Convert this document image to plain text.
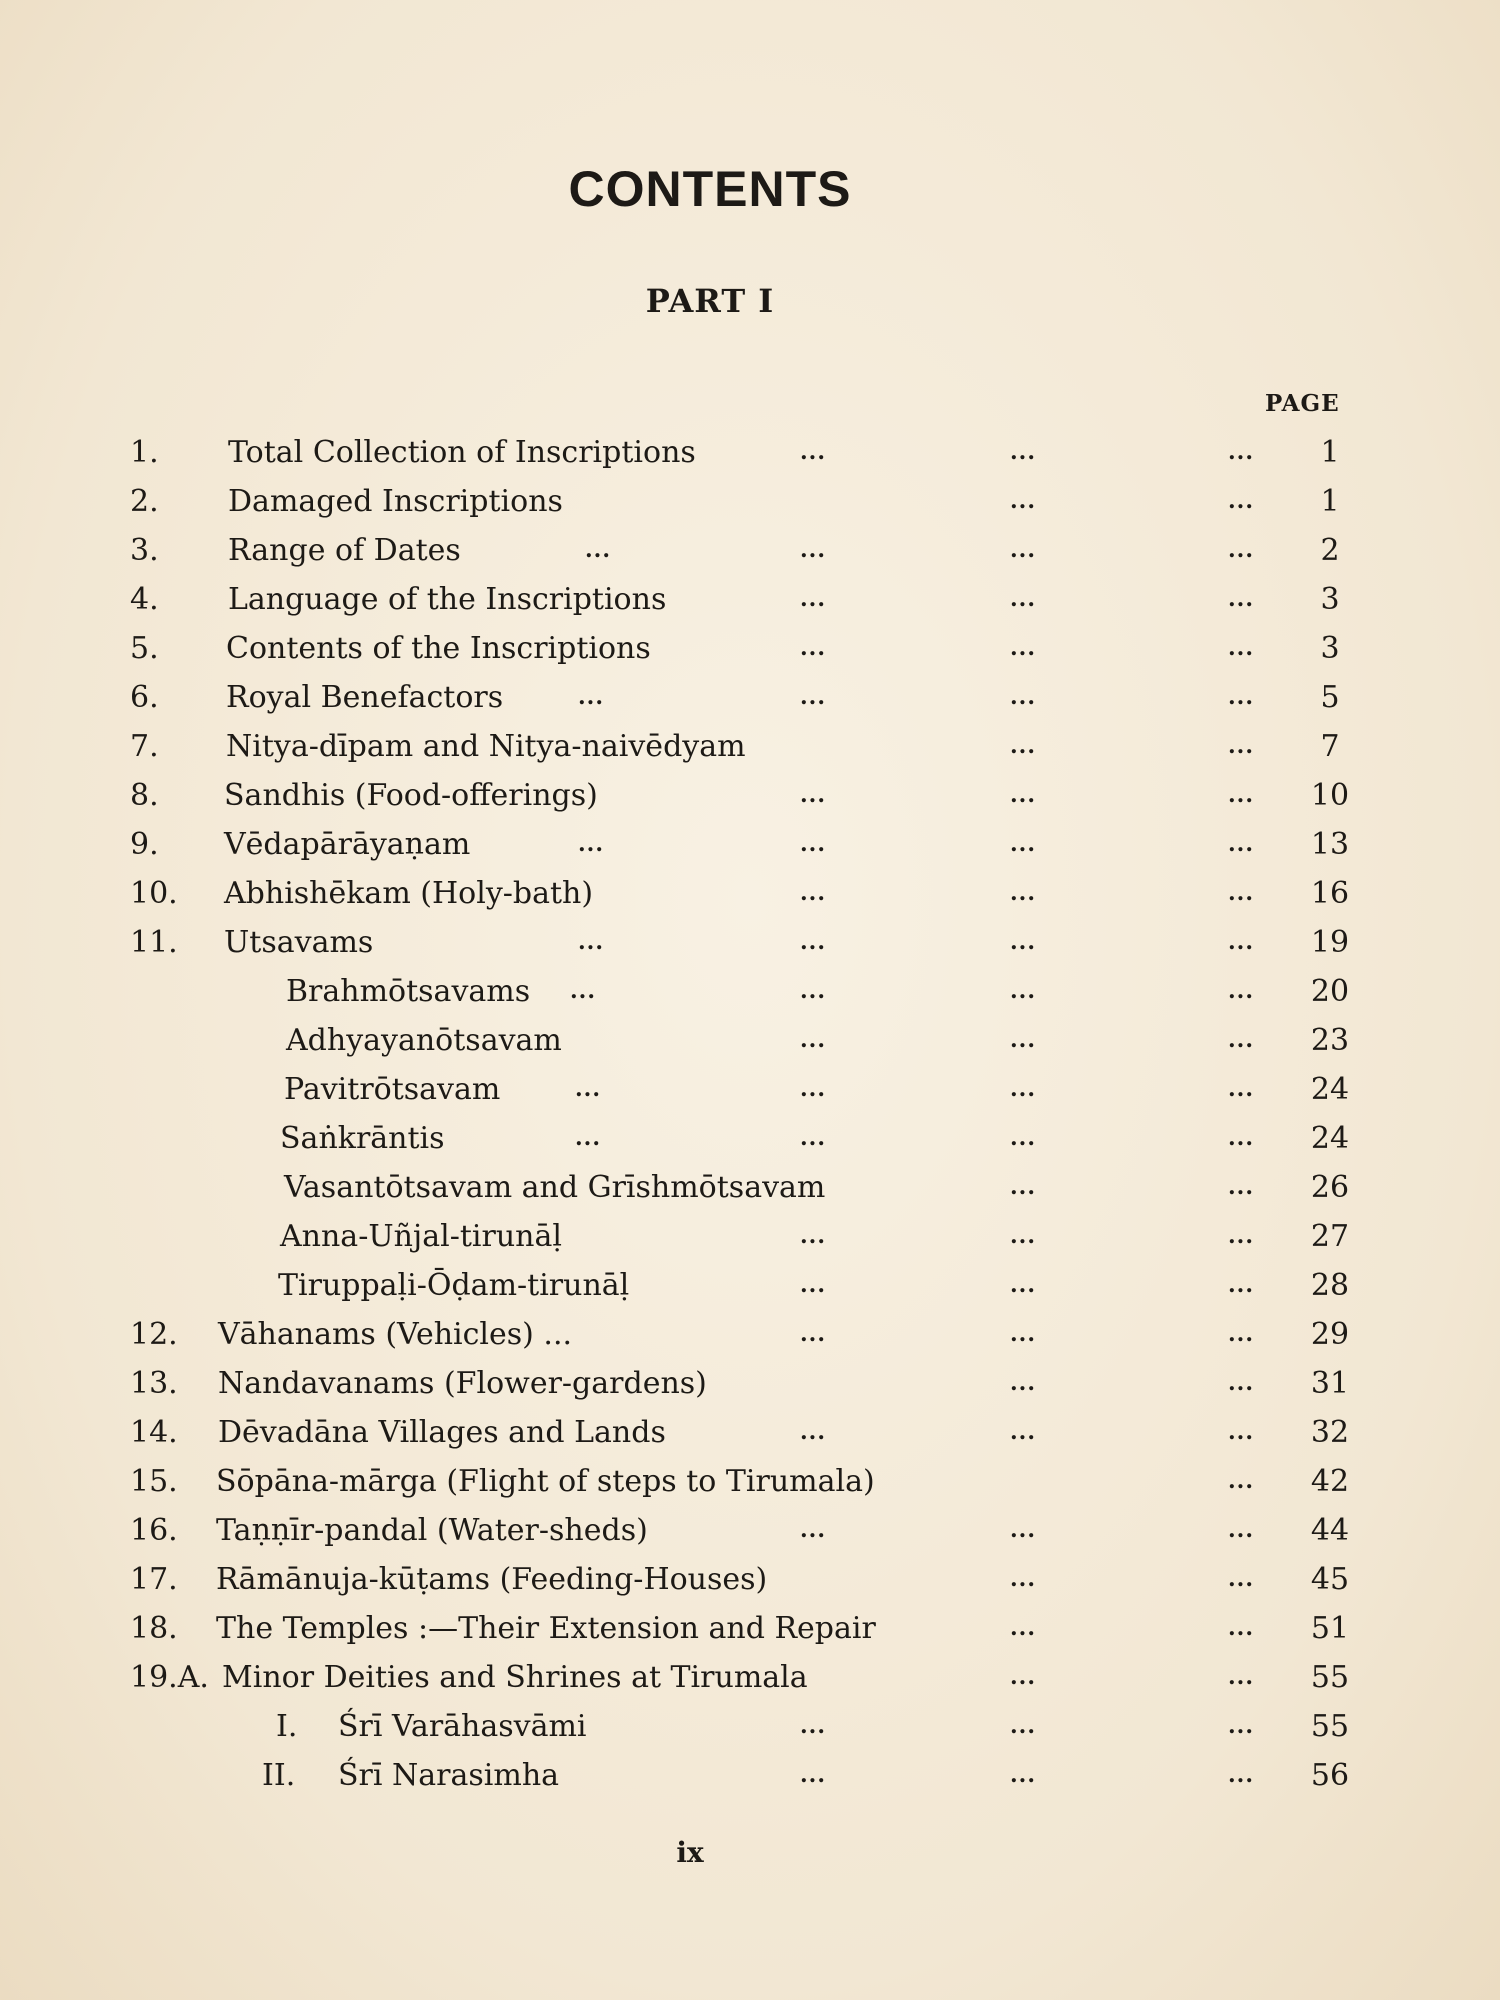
CONTENTS
PART I
PAGE
1.	Total Collection of Inscriptions	...	...	...	1
2.	Damaged Inscriptions	...	...	1
3.	Range of Dates	...	...	...	...	2
4.	Language of the Inscriptions	...	...	...	3
5.	Contents of the Inscriptions	...	...	...	3
6.	Royal Benefactors	...	...	...	...	5
7.	Nitya-dīpam and Nitya-naivēdyam	...	...	7
8.	Sandhis (Food-offerings)	...	...	...	10
9.	Vēdapārāyaṇam	...	...	...	...	13
10.	Abhishēkam (Holy-bath)	...	...	...	16
11.	Utsavams	...	...	...	...	19
Brahmōtsavams ...	...	...	...	20
Adhyayanōtsavam	...	...	...	23
Pavitrōtsavam	...	...	...	...	24
Saṅkrāntis	...	...	...	...	24
Vasantōtsavam and Grīshmōtsavam	...	...	26
Anna-Uñjal-tirunāḷ	...	...	...	27
Tiruppaḷi-Ōḍam-tirunāḷ	...	...	...	28
12.	Vāhanams (Vehicles) ...	...	...	...	29
13.	Nandavanams (Flower-gardens)	...	...	31
14.	Dēvadāna Villages and Lands	...	...	...	32
15.	Sōpāna-mārga (Flight of steps to Tirumala)	...	42
16.	Taṇṇīr-pandal (Water-sheds)	...	...	...	44
17.	Rāmānuja-kūṭams (Feeding-Houses)	...	...	45
18.	The Temples :—Their Extension and Repair	...	...	51
19.A. Minor Deities and Shrines at Tirumala	...	...	55
I. Śrī Varāhasvāmi	...	...	...	55
II. Śrī Narasimha	...	...	...	56
ix
